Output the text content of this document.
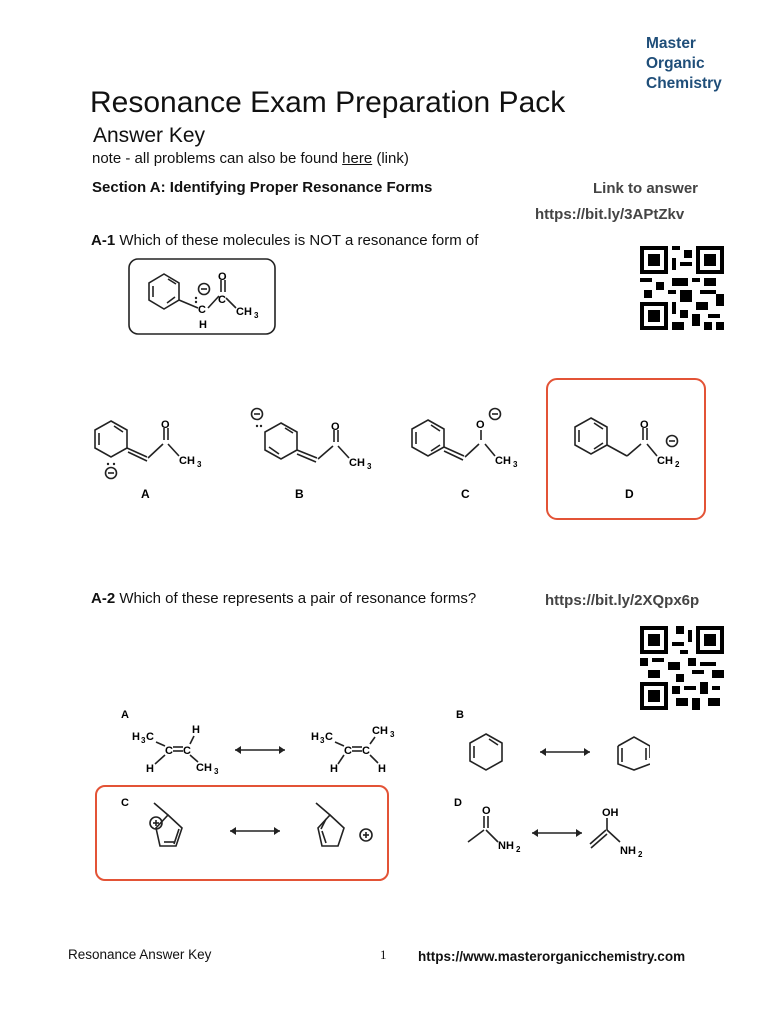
Master
Organic
Chemistry
Resonance Exam Preparation Pack
Answer Key
note - all problems can also be found here (link)
Section A: Identifying Proper Resonance Forms	Link to answer
https://bit.ly/3APtZkv
A-1 Which of these molecules is NOT a resonance form of
C
H
C
O
CH 3
O
CH 3
A
O
CH 3
B
O
CH 3
C
O
CH 2
D
A-2 Which of these represents a pair of resonance forms?	https://bit.ly/2XQpx6p
A
H 3 C
H
C C
H	CH 3
H 3 C	CH 3
C C
H	H
B
C	D
O
NH 2
OH
NH 2
Resonance Answer Key	1 https://www.masterorganicchemistry.com
